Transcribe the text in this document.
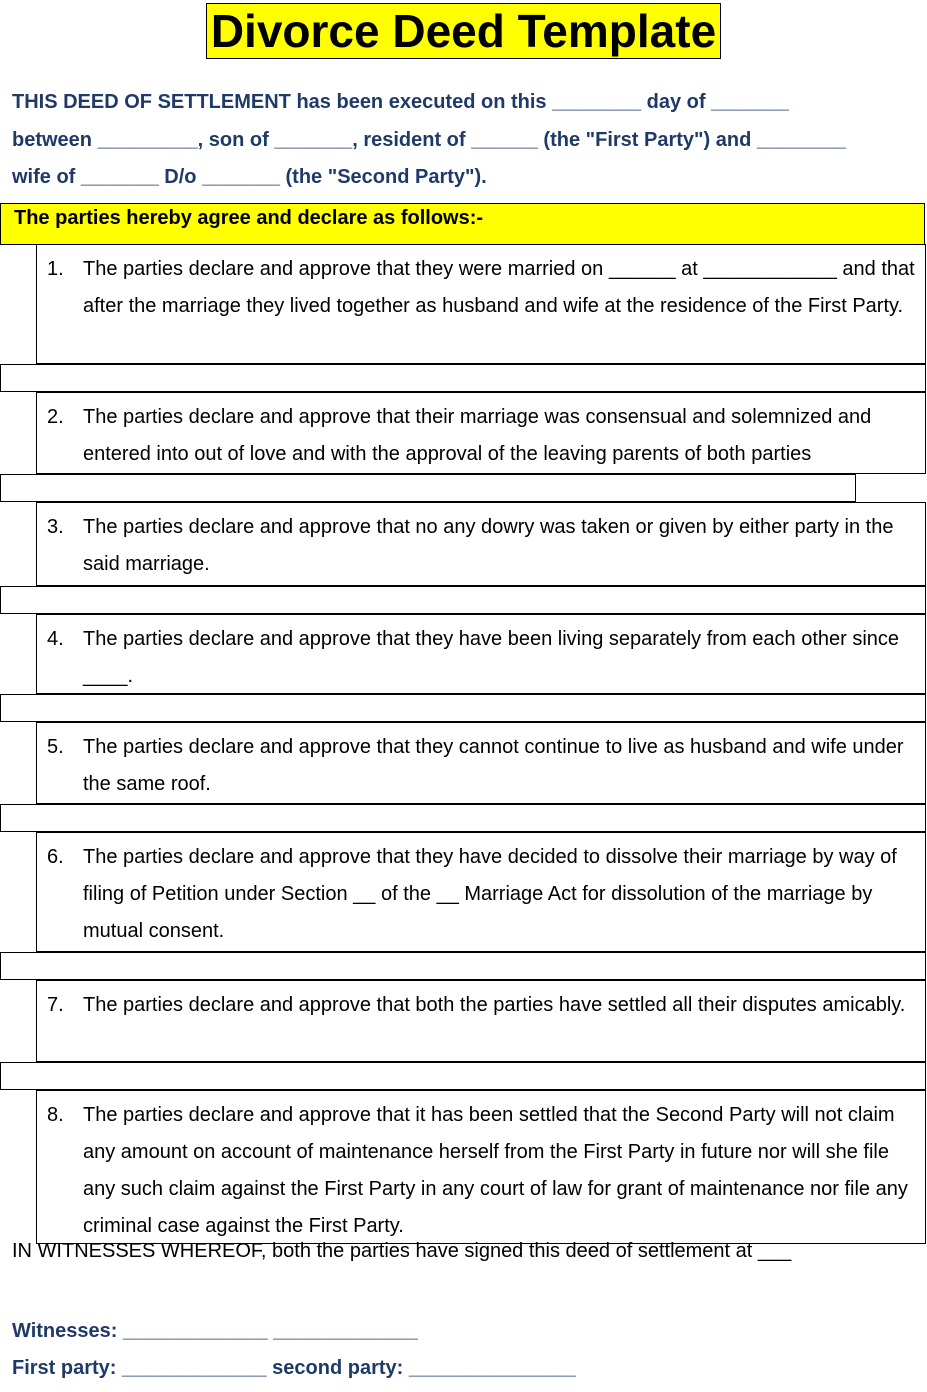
Divorce Deed Template

THIS DEED OF SETTLEMENT has been executed on this ________ day of _______

between _________, son of _______, resident of ______ (the "First Party") and ________

wife of _______ D/o _______ (the "Second Party").

The parties hereby agree and declare as follows:-
1. The parties declare and approve that they were married on ______ at ____________ and that after the marriage they lived together as husband and wife at the residence of the First Party.
2. The parties declare and approve that their marriage was consensual and solemnized and entered into out of love and with the approval of the leaving parents of both parties
3. The parties declare and approve that no any dowry was taken or given by either party in the said marriage.
4. The parties declare and approve that they have been living separately from each other since ____.
5. The parties declare and approve that they cannot continue to live as husband and wife under the same roof.
6. The parties declare and approve that they have decided to dissolve their marriage by way of filing of Petition under Section __ of the __ Marriage Act for dissolution of the marriage by mutual consent.
7. The parties declare and approve that both the parties have settled all their disputes amicably.
8. The parties declare and approve that it has been settled that the Second Party will not claim any amount on account of maintenance herself from the First Party in future nor will she file any such claim against the First Party in any court of law for grant of maintenance nor file any criminal case against the First Party.
IN WITNESSES WHEREOF, both the parties have signed this deed of settlement at ___
Witnesses: _____________ _____________
First party: _____________ second party: _______________
